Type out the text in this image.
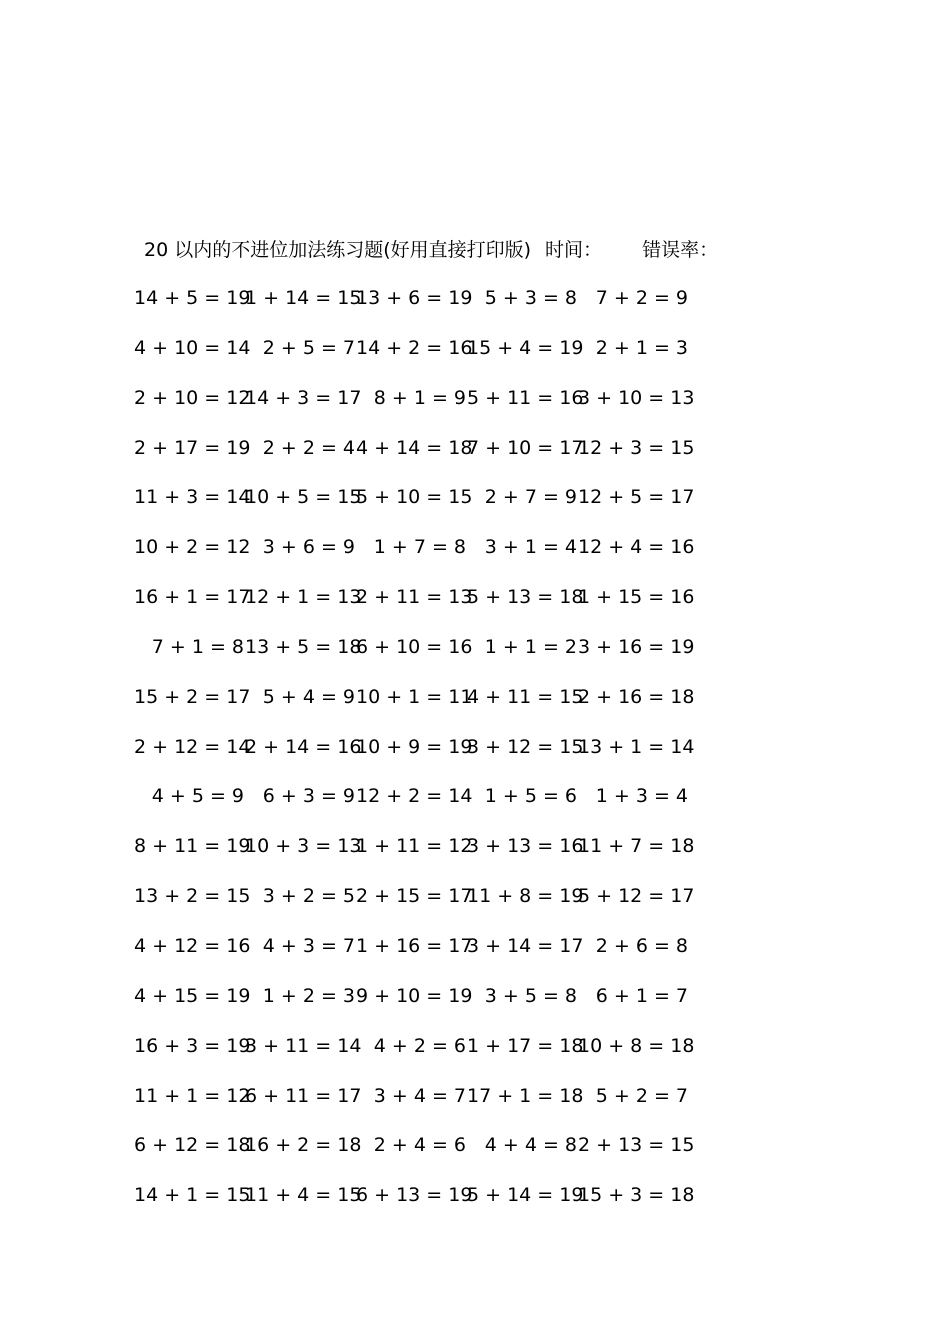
20 以内的不进位加法练习题(好用直接打印版) 时间： 错误率：
14 + 5 = 19
1 + 14 = 15
13 + 6 = 19 5 + 3 = 8 7 + 2 = 9
4 + 10 = 14 2 + 5 = 7 14 + 2 = 16
15 + 4 = 19 2 + 1 = 3
2 + 10 = 12
14 + 3 = 17 8 + 1 = 9 5 + 11 = 16
3 + 10 = 13
2 + 17 = 19 2 + 2 = 4 4 + 14 = 18
7 + 10 = 17
12 + 3 = 15
11 + 3 = 14
10 + 5 = 15
5 + 10 = 15 2 + 7 = 9 12 + 5 = 17
10 + 2 = 12 3 + 6 = 9 1 + 7 = 8 3 + 1 = 4 12 + 4 = 16
16 + 1 = 17
12 + 1 = 13
2 + 11 = 13
5 + 13 = 18
1 + 15 = 16
7 + 1 = 8 13 + 5 = 18
6 + 10 = 16 1 + 1 = 2 3 + 16 = 19
15 + 2 = 17 5 + 4 = 9 10 + 1 = 11
4 + 11 = 15
2 + 16 = 18
2 + 12 = 14
2 + 14 = 16
10 + 9 = 19
3 + 12 = 15
13 + 1 = 14
4 + 5 = 9 6 + 3 = 9 12 + 2 = 14 1 + 5 = 6 1 + 3 = 4
8 + 11 = 19
10 + 3 = 13
1 + 11 = 12
3 + 13 = 16
11 + 7 = 18
13 + 2 = 15 3 + 2 = 5 2 + 15 = 17
11 + 8 = 19
5 + 12 = 17
4 + 12 = 16 4 + 3 = 7 1 + 16 = 17
3 + 14 = 17 2 + 6 = 8
4 + 15 = 19 1 + 2 = 3 9 + 10 = 19 3 + 5 = 8 6 + 1 = 7
16 + 3 = 19
3 + 11 = 14 4 + 2 = 6 1 + 17 = 18
10 + 8 = 18
11 + 1 = 12
6 + 11 = 17 3 + 4 = 7 17 + 1 = 18 5 + 2 = 7
6 + 12 = 18
16 + 2 = 18 2 + 4 = 6 4 + 4 = 8 2 + 13 = 15
14 + 1 = 15
11 + 4 = 15
6 + 13 = 19
5 + 14 = 19
15 + 3 = 18
